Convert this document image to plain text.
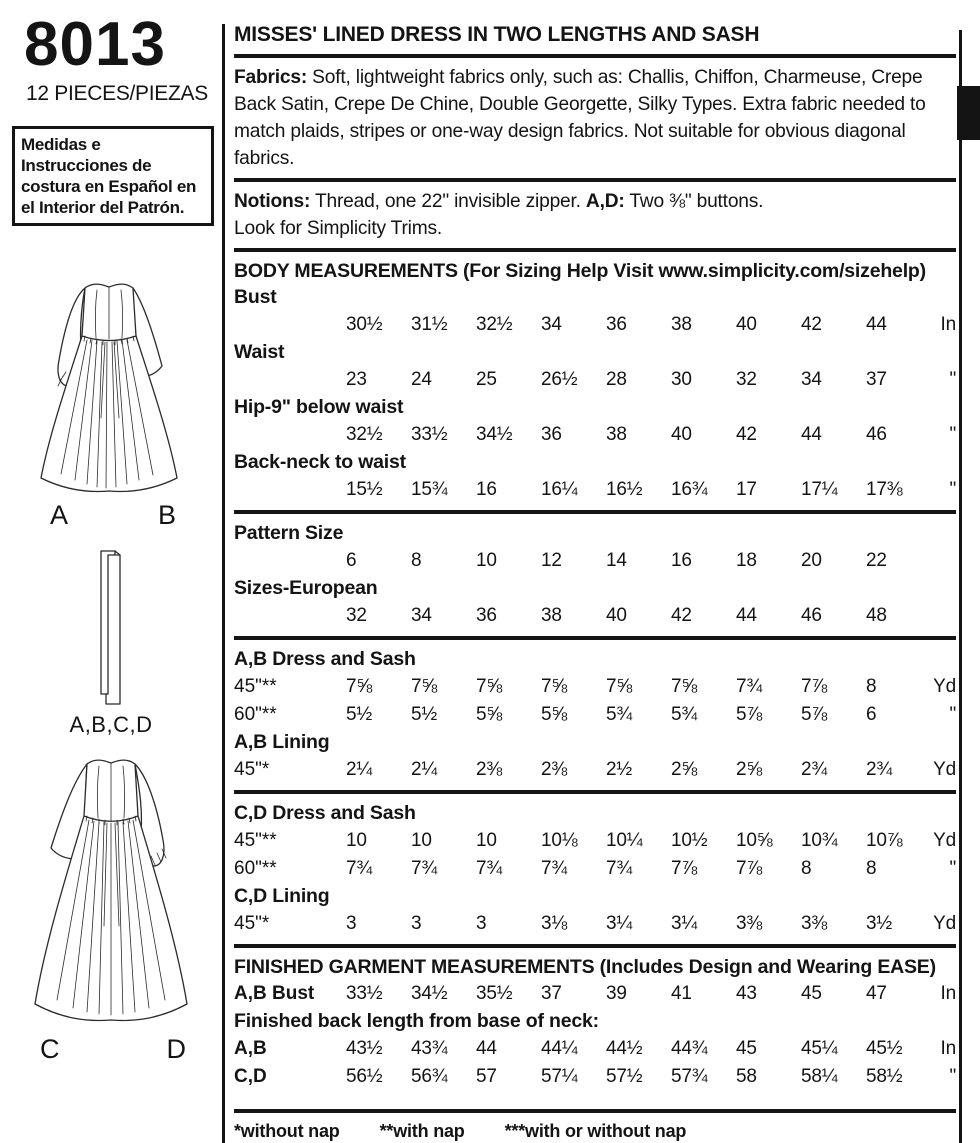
8013
12 PIECES/PIEZAS
Medidas e Instrucciones de costura en Español en el Interior del Patrón.
A	B
A,B,C,D
C	D
MISSES' LINED DRESS IN TWO LENGTHS AND SASH

Fabrics: Soft, lightweight fabrics only, such as: Challis, Chiffon, Charmeuse, Crepe Back Satin, Crepe De Chine, Double Georgette, Silky Types. Extra fabric needed to match plaids, stripes or one-way design fabrics. Not suitable for obvious diagonal fabrics.

Notions: Thread, one 22" invisible zipper. A,D: Two ⅜" buttons.

Look for Simplicity Trims.

BODY MEASUREMENTS (For Sizing Help Visit www.simplicity.com/sizehelp)
Bust
30½	31½	32½	34	36	38	40	42	44	In
Waist
23	24	25	26½	28	30	32	34	37	"
Hip-9" below waist
32½	33½	34½	36	38	40	42	44	46	"
Back-neck to waist
15½	15¾	16	16¼	16½	16¾	17	17¼	17⅜	"
Pattern Size
6	8	10	12	14	16	18	20	22
Sizes-European
32	34	36	38	40	42	44	46	48
A,B Dress and Sash
45"**	7⅝	7⅝	7⅝	7⅝	7⅝	7⅝	7¾	7⅞	8	Yd
60"**	5½	5½	5⅝	5⅝	5¾	5¾	5⅞	5⅞	6	"
A,B Lining
45"*	2¼	2¼	2⅜	2⅜	2½	2⅝	2⅝	2¾	2¾	Yd
C,D Dress and Sash
45"**	10	10	10	10⅛	10¼	10½	10⅝	10¾	10⅞	Yd
60"**	7¾	7¾	7¾	7¾	7¾	7⅞	7⅞	8	8	"
C,D Lining
45"*	3	3	3	3⅛	3¼	3¼	3⅜	3⅜	3½	Yd
FINISHED GARMENT MEASUREMENTS (Includes Design and Wearing EASE)
A,B Bust	33½	34½	35½	37	39	41	43	45	47	In
Finished back length from base of neck:
A,B	43½	43¾	44	44¼	44½	44¾	45	45¼	45½	In
C,D	56½	56¾	57	57¼	57½	57¾	58	58¼	58½	"
*without nap **with nap ***with or without nap
